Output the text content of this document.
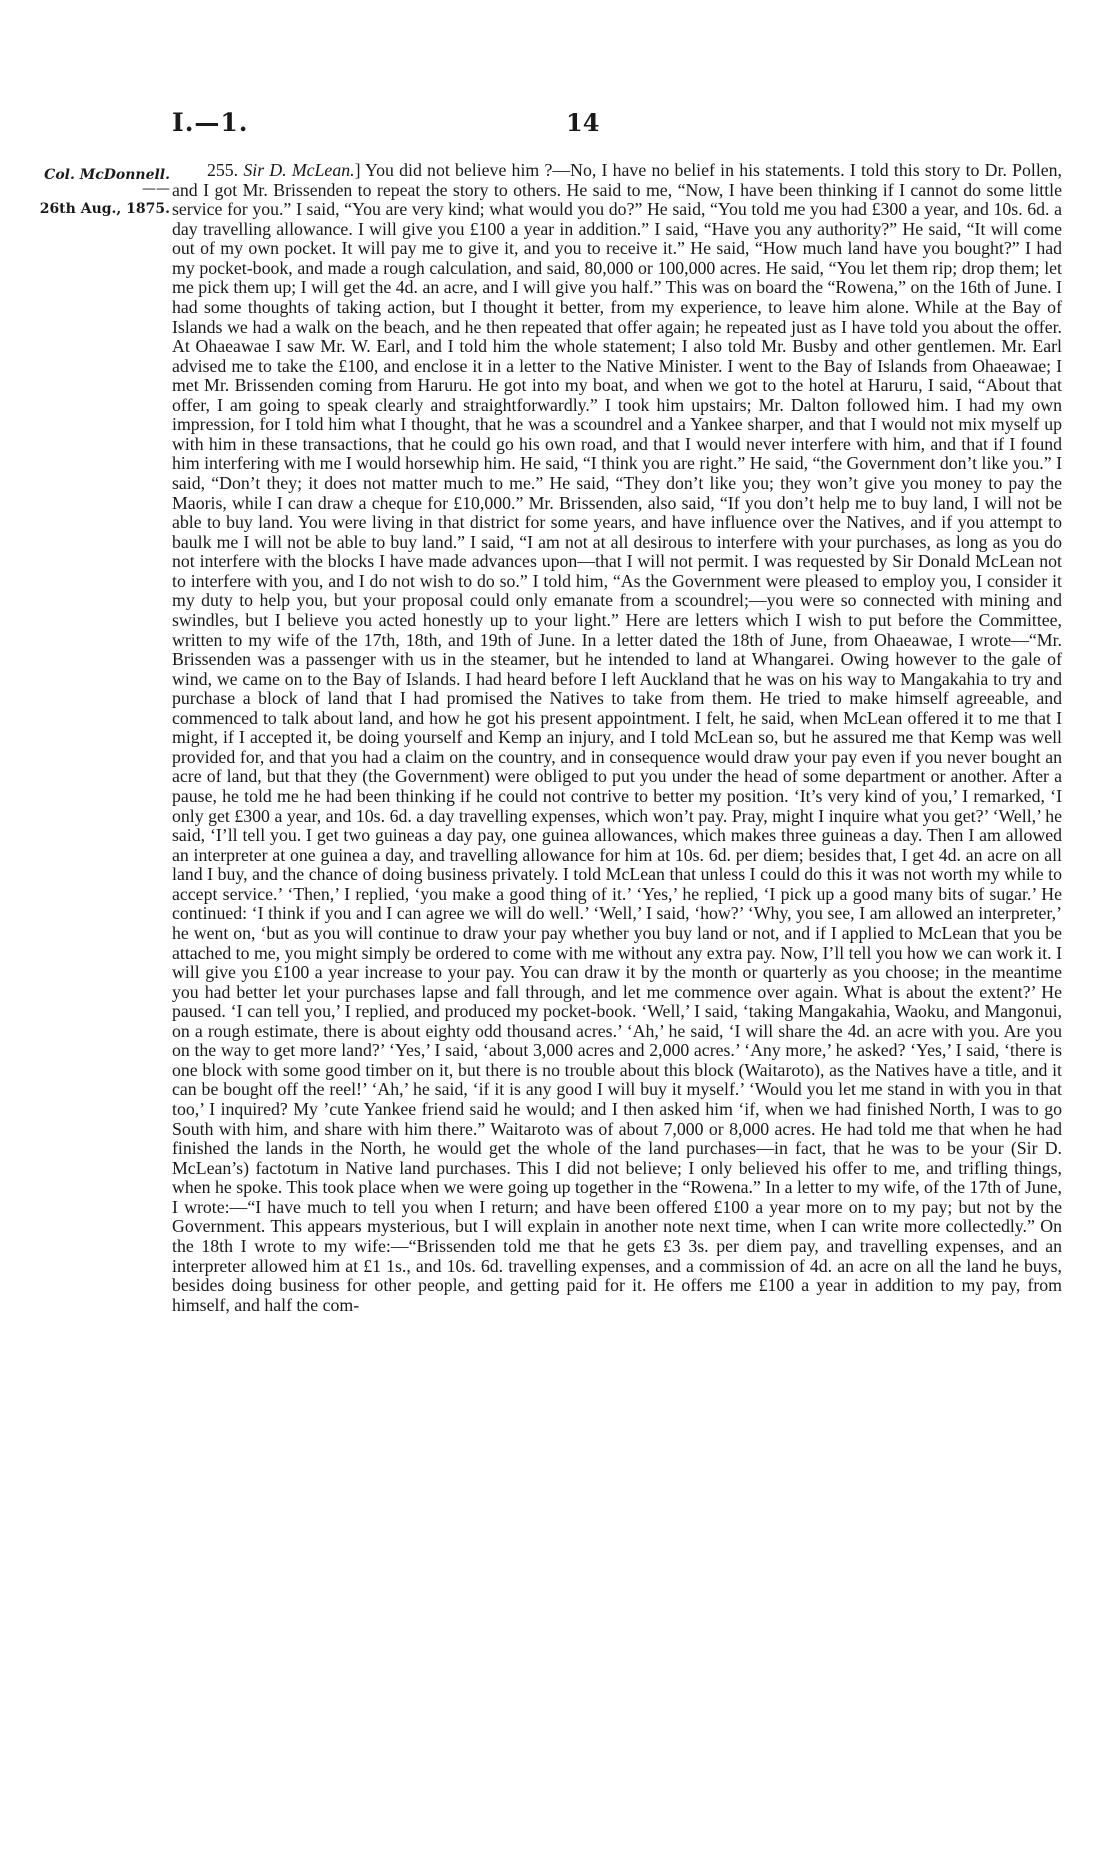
I.—1.	14
Col. McDonnell.
——
26th Aug., 1875.

255. Sir D. McLean.] You did not believe him ?—No, I have no belief in his statements. I told this story to Dr. Pollen, and I got Mr. Brissenden to repeat the story to others. He said to me, “Now, I have been thinking if I cannot do some little service for you.” I said, “You are very kind; what would you do?” He said, “You told me you had £300 a year, and 10s. 6d. a day travelling allowance. I will give you £100 a year in addition.” I said, “Have you any authority?” He said, “It will come out of my own pocket. It will pay me to give it, and you to receive it.” He said, “How much land have you bought?” I had my pocket-book, and made a rough calculation, and said, 80,000 or 100,000 acres. He said, “You let them rip; drop them; let me pick them up; I will get the 4d. an acre, and I will give you half.” This was on board the “Rowena,” on the 16th of June. I had some thoughts of taking action, but I thought it better, from my experience, to leave him alone. While at the Bay of Islands we had a walk on the beach, and he then repeated that offer again; he repeated just as I have told you about the offer. At Ohaeawae I saw Mr. W. Earl, and I told him the whole statement; I also told Mr. Busby and other gentlemen. Mr. Earl advised me to take the £100, and enclose it in a letter to the Native Minister. I went to the Bay of Islands from Ohaeawae; I met Mr. Brissenden coming from Haruru. He got into my boat, and when we got to the hotel at Haruru, I said, “About that offer, I am going to speak clearly and straightforwardly.” I took him upstairs; Mr. Dalton followed him. I had my own impression, for I told him what I thought, that he was a scoundrel and a Yankee sharper, and that I would not mix myself up with him in these transactions, that he could go his own road, and that I would never interfere with him, and that if I found him interfering with me I would horsewhip him. He said, “I think you are right.” He said, “the Government don’t like you.” I said, “Don’t they; it does not matter much to me.” He said, “They don’t like you; they won’t give you money to pay the Maoris, while I can draw a cheque for £10,000.” Mr. Brissenden, also said, “If you don’t help me to buy land, I will not be able to buy land. You were living in that district for some years, and have influence over the Natives, and if you attempt to baulk me I will not be able to buy land.” I said, “I am not at all desirous to interfere with your purchases, as long as you do not interfere with the blocks I have made advances upon—that I will not permit. I was requested by Sir Donald McLean not to interfere with you, and I do not wish to do so.” I told him, “As the Government were pleased to employ you, I consider it my duty to help you, but your proposal could only emanate from a scoundrel;—you were so connected with mining and swindles, but I believe you acted honestly up to your light.” Here are letters which I wish to put before the Committee, written to my wife of the 17th, 18th, and 19th of June. In a letter dated the 18th of June, from Ohaeawae, I wrote—“Mr. Brissenden was a passenger with us in the steamer, but he intended to land at Whangarei. Owing however to the gale of wind, we came on to the Bay of Islands. I had heard before I left Auckland that he was on his way to Mangakahia to try and purchase a block of land that I had promised the Natives to take from them. He tried to make himself agreeable, and commenced to talk about land, and how he got his present appointment. I felt, he said, when McLean offered it to me that I might, if I accepted it, be doing yourself and Kemp an injury, and I told McLean so, but he assured me that Kemp was well provided for, and that you had a claim on the country, and in consequence would draw your pay even if you never bought an acre of land, but that they (the Government) were obliged to put you under the head of some department or another. After a pause, he told me he had been thinking if he could not contrive to better my position. ‘It’s very kind of you,’ I remarked, ‘I only get £300 a year, and 10s. 6d. a day travelling expenses, which won’t pay. Pray, might I inquire what you get?’ ‘Well,’ he said, ‘I’ll tell you. I get two guineas a day pay, one guinea allowances, which makes three guineas a day. Then I am allowed an interpreter at one guinea a day, and travelling allowance for him at 10s. 6d. per diem; besides that, I get 4d. an acre on all land I buy, and the chance of doing business privately. I told McLean that unless I could do this it was not worth my while to accept service.’ ‘Then,’ I replied, ‘you make a good thing of it.’ ‘Yes,’ he replied, ‘I pick up a good many bits of sugar.’ He continued: ‘I think if you and I can agree we will do well.’ ‘Well,’ I said, ‘how?’ ‘Why, you see, I am allowed an interpreter,’ he went on, ‘but as you will continue to draw your pay whether you buy land or not, and if I applied to McLean that you be attached to me, you might simply be ordered to come with me without any extra pay. Now, I’ll tell you how we can work it. I will give you £100 a year increase to your pay. You can draw it by the month or quarterly as you choose; in the meantime you had better let your purchases lapse and fall through, and let me commence over again. What is about the extent?’ He paused. ‘I can tell you,’ I replied, and produced my pocket-book. ‘Well,’ I said, ‘taking Mangakahia, Waoku, and Mangonui, on a rough estimate, there is about eighty odd thousand acres.’ ‘Ah,’ he said, ‘I will share the 4d. an acre with you. Are you on the way to get more land?’ ‘Yes,’ I said, ‘about 3,000 acres and 2,000 acres.’ ‘Any more,’ he asked? ‘Yes,’ I said, ‘there is one block with some good timber on it, but there is no trouble about this block (Waitaroto), as the Natives have a title, and it can be bought off the reel!’ ‘Ah,’ he said, ‘if it is any good I will buy it myself.’ ‘Would you let me stand in with you in that too,’ I inquired? My ’cute Yankee friend said he would; and I then asked him ‘if, when we had finished North, I was to go South with him, and share with him there.” Waitaroto was of about 7,000 or 8,000 acres. He had told me that when he had finished the lands in the North, he would get the whole of the land purchases—in fact, that he was to be your (Sir D. McLean’s) factotum in Native land purchases. This I did not believe; I only believed his offer to me, and trifling things, when he spoke. This took place when we were going up together in the “Rowena.” In a letter to my wife, of the 17th of June, I wrote:—“I have much to tell you when I return; and have been offered £100 a year more on to my pay; but not by the Government. This appears mysterious, but I will explain in another note next time, when I can write more collectedly.” On the 18th I wrote to my wife:—“Brissenden told me that he gets £3 3s. per diem pay, and travelling expenses, and an interpreter allowed him at £1 1s., and 10s. 6d. travelling expenses, and a commission of 4d. an acre on all the land he buys, besides doing business for other people, and getting paid for it. He offers me £100 a year in addition to my pay, from himself, and half the com-
